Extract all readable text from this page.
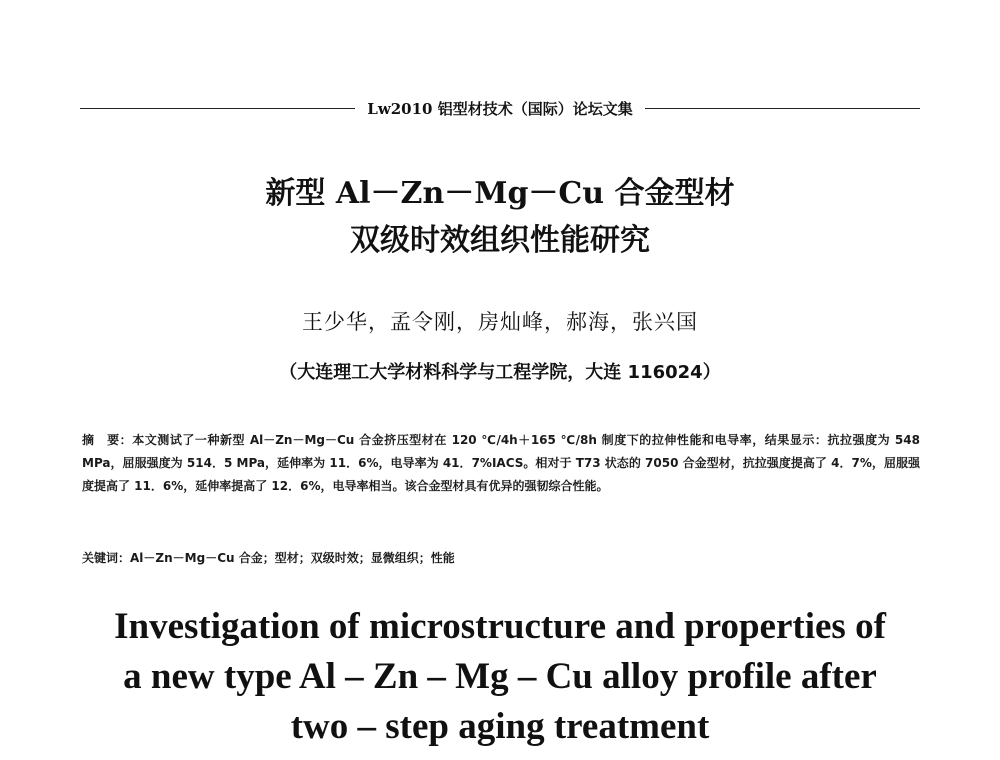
Lw2010 铝型材技术（国际）论坛文集
新型 Al－Zn－Mg－Cu 合金型材
双级时效组织性能研究
王少华，孟令刚，房灿峰，郝海，张兴国
（大连理工大学材料科学与工程学院，大连 116024）
摘　要：本文测试了一种新型 Al－Zn－Mg－Cu 合金挤压型材在 120 ℃/4h＋165 ℃/8h 制度下的拉伸性能和电导率，结果显示：抗拉强度为 548 MPa，屈服强度为 514．5 MPa，延伸率为 11．6%，电导率为 41．7%IACS。相对于 T73 状态的 7050 合金型材，抗拉强度提高了 4．7%，屈服强度提高了 11．6%，延伸率提高了 12．6%，电导率相当。该合金型材具有优异的强韧综合性能。
关键词：Al－Zn－Mg－Cu 合金；型材；双级时效；显微组织；性能
Investigation of microstructure and properties of
a new type Al – Zn – Mg – Cu alloy profile after
two – step aging treatment
